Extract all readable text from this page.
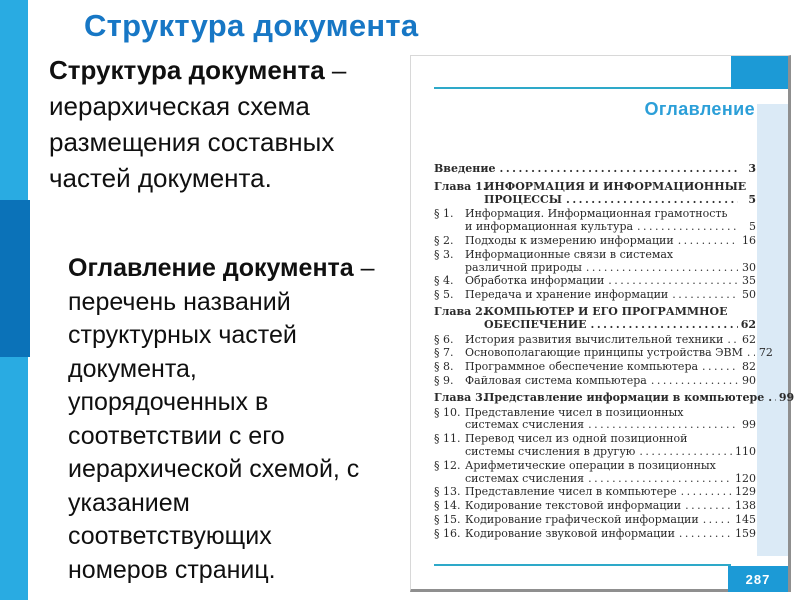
Структура документа
Структура документа –
иерархическая схема
размещения составных
частей документа.
Оглавление документа –
перечень названий
структурных частей
документа,
упорядоченных в
соответствии с его
иерархической схемой, с
указанием
соответствующих
номеров страниц.
Оглавление
Введение .....	3
Глава 1.
ИНФОРМАЦИЯ И ИНФОРМАЦИОННЫЕ
ПРОЦЕССЫ .....	5
§ 1. Информация. Информационная грамотность
и информационная культура .....	5
§ 2. Подходы к измерению информации .....	16
§ 3. Информационные связи в системах
различной природы .....	30
§ 4. Обработка информации .....	35
§ 5. Передача и хранение информации .....	50
Глава 2.
КОМПЬЮТЕР И ЕГО ПРОГРАММНОЕ
ОБЕСПЕЧЕНИЕ .....	62
§ 6. История развития вычислительной техники ..... 62
§ 7. Основополагающие принципы устройства ЭВМ ..... 72
§ 8. Программное обеспечение компьютера .....	82
§ 9. Файловая система компьютера .....	90
Глава 3.
Представление информации в компьютере ..... 99
§ 10. Представление чисел в позиционных
системах счисления .....	99
§ 11. Перевод чисел из одной позиционной
системы счисления в другую .....	110
§ 12. Арифметические операции в позиционных
системах счисления .....	120
§ 13. Представление чисел в компьютере .....	129
§ 14. Кодирование текстовой информации .....	138
§ 15. Кодирование графической информации .....	145
§ 16. Кодирование звуковой информации .....	159
287
